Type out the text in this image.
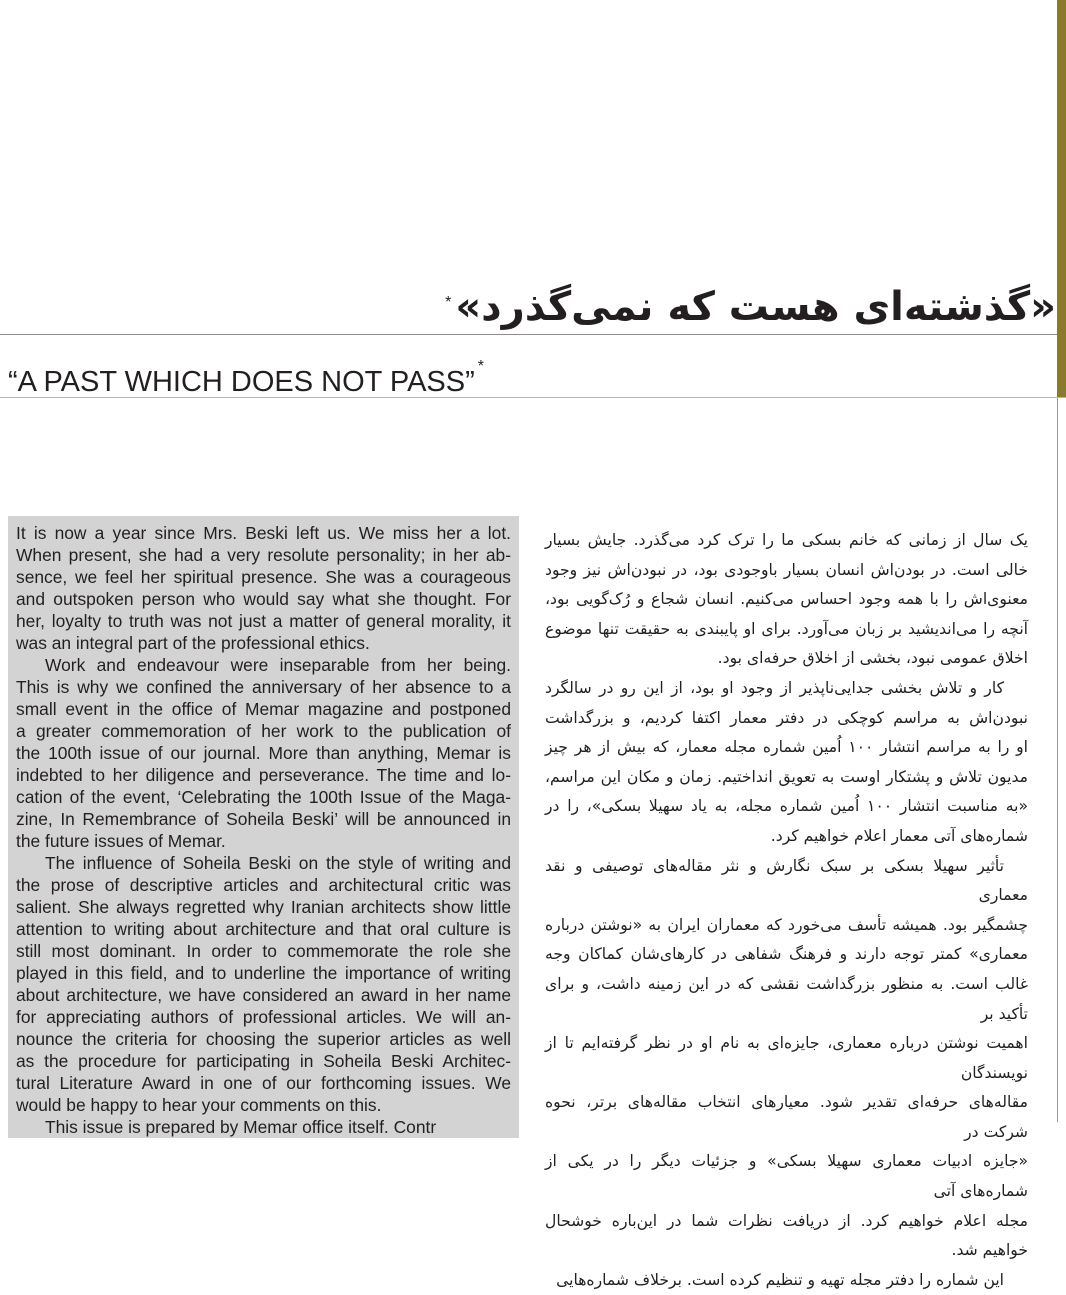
«گذشته‌ای هست که نمی‌گذرد»
*
“A PAST WHICH DOES NOT PASS” *
It is now a year since Mrs. Beski left us. We miss her a lot.
When present, she had a very resolute personality; in her ab-
sence, we feel her spiritual presence. She was a courageous
and outspoken person who would say what she thought. For
her, loyalty to truth was not just a matter of general morality, it
was an integral part of the professional ethics.
Work and endeavour were inseparable from her being.
This is why we confined the anniversary of her absence to a
small event in the office of Memar magazine and postponed
a greater commemoration of her work to the publication of
the 100th issue of our journal. More than anything, Memar is
indebted to her diligence and perseverance. The time and lo-
cation of the event, ‘Celebrating the 100th Issue of the Maga-
zine, In Remembrance of Soheila Beski’ will be announced in
the future issues of Memar.
The influence of Soheila Beski on the style of writing and
the prose of descriptive articles and architectural critic was
salient. She always regretted why Iranian architects show little
attention to writing about architecture and that oral culture is
still most dominant. In order to commemorate the role she
played in this field, and to underline the importance of writing
about architecture, we have considered an award in her name
for appreciating authors of professional articles. We will an-
nounce the criteria for choosing the superior articles as well
as the procedure for participating in Soheila Beski Architec-
tural Literature Award in one of our forthcoming issues. We
would be happy to hear your comments on this.
This issue is prepared by Memar office itself. Contr
یک سال از زمانی که خانم بسکی ما را ترک کرد می‌گذرد. جایش بسیار
خالی است. در بودن‌اش انسان بسیار باوجودی بود، در نبودن‌اش نیز وجود
معنوی‌اش را با همه وجود احساس می‌کنیم. انسان شجاع و رُک‌گویی بود،
آنچه را می‌اندیشید بر زبان می‌آورد. برای او پایبندی به حقیقت تنها موضوع
اخلاق عمومی نبود، بخشی از اخلاق حرفه‌ای بود.
کار و تلاش بخشی جدایی‌ناپذیر از وجود او بود، از این رو در سالگرد
نبودن‌اش به مراسم کوچکی در دفتر معمار اکتفا کردیم، و بزرگداشت
او را به مراسم انتشار ۱۰۰ اُمین شماره مجله معمار، که بیش از هر چیز
مدیون تلاش و پشتکار اوست به تعویق انداختیم. زمان و مکان این مراسم،
«به مناسبت انتشار ۱۰۰ اُمین شماره مجله، به یاد سهیلا بسکی»، را در
شماره‌های آتی معمار اعلام خواهیم کرد.
تأثیر سهیلا بسکی بر سبک نگارش و نثر مقاله‌های توصیفی و نقد معماری
چشمگیر بود. همیشه تأسف می‌خورد که معماران ایران به «نوشتن درباره
معماری» کمتر توجه دارند و فرهنگ شفاهی در کارهای‌شان کماکان وجه
غالب است. به منظور بزرگداشت نقشی که در این زمینه داشت، و برای تأکید بر
اهمیت نوشتن درباره معماری، جایزه‌ای به نام او در نظر گرفته‌ایم تا از نویسندگان
مقاله‌های حرفه‌ای تقدیر شود. معیارهای انتخاب مقاله‌های برتر، نحوه شرکت در
«جایزه ادبیات معماری سهیلا بسکی» و جزئیات دیگر را در یکی از شماره‌های آتی
مجله اعلام خواهیم کرد. از دریافت نظرات شما در این‌باره خوشحال خواهیم شد.
این شماره را دفتر مجله تهیه و تنظیم کرده است. برخلاف شماره‌هایی
